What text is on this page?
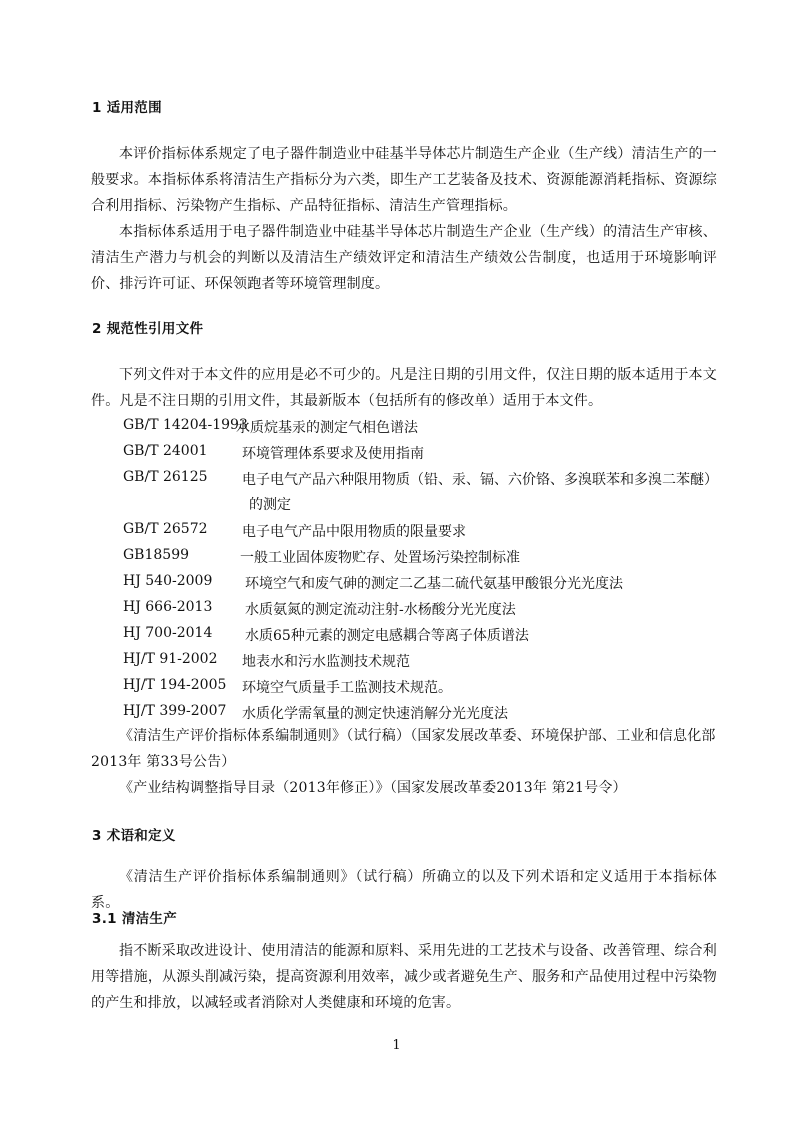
1 适用范围

本评价指标体系规定了电子器件制造业中硅基半导体芯片制造生产企业（生产线）清洁生产的一般要求。本指标体系将清洁生产指标分为六类，即生产工艺装备及技术、资源能源消耗指标、资源综合利用指标、污染物产生指标、产品特征指标、清洁生产管理指标。

本指标体系适用于电子器件制造业中硅基半导体芯片制造生产企业（生产线）的清洁生产审核、清洁生产潜力与机会的判断以及清洁生产绩效评定和清洁生产绩效公告制度，也适用于环境影响评价、排污许可证、环保领跑者等环境管理制度。

2 规范性引用文件

下列文件对于本文件的应用是必不可少的。凡是注日期的引用文件，仅注日期的版本适用于本文件。凡是不注日期的引用文件，其最新版本（包括所有的修改单）适用于本文件。

GB/T 14204-1993
水质烷基汞的测定气相色谱法
GB/T 24001 环境管理体系要求及使用指南
GB/T 26125 电子电气产品六种限用物质（铅、汞、镉、六价铬、多溴联苯和多溴二苯醚）
的测定
GB/T 26572 电子电气产品中限用物质的限量要求
GB18599	一般工业固体废物贮存、处置场污染控制标准
HJ 540-2009 环境空气和废气砷的测定二乙基二硫代氨基甲酸银分光光度法
HJ 666-2013 水质氨氮的测定流动注射-水杨酸分光光度法
HJ 700-2014 水质65种元素的测定电感耦合等离子体质谱法
HJ/T 91-2002 地表水和污水监测技术规范
HJ/T 194-2005 环境空气质量手工监测技术规范。
HJ/T 399-2007 水质化学需氧量的测定快速消解分光光度法

《清洁生产评价指标体系编制通则》（试行稿）（国家发展改革委、环境保护部、工业和信息化部2013年 第33号公告）

《产业结构调整指导目录（2013年修正）》（国家发展改革委2013年 第21号令）

3 术语和定义

《清洁生产评价指标体系编制通则》（试行稿）所确立的以及下列术语和定义适用于本指标体系。

3.1 清洁生产

指不断采取改进设计、使用清洁的能源和原料、采用先进的工艺技术与设备、改善管理、综合利用等措施，从源头削减污染，提高资源利用效率，减少或者避免生产、服务和产品使用过程中污染物的产生和排放，以减轻或者消除对人类健康和环境的危害。

1
